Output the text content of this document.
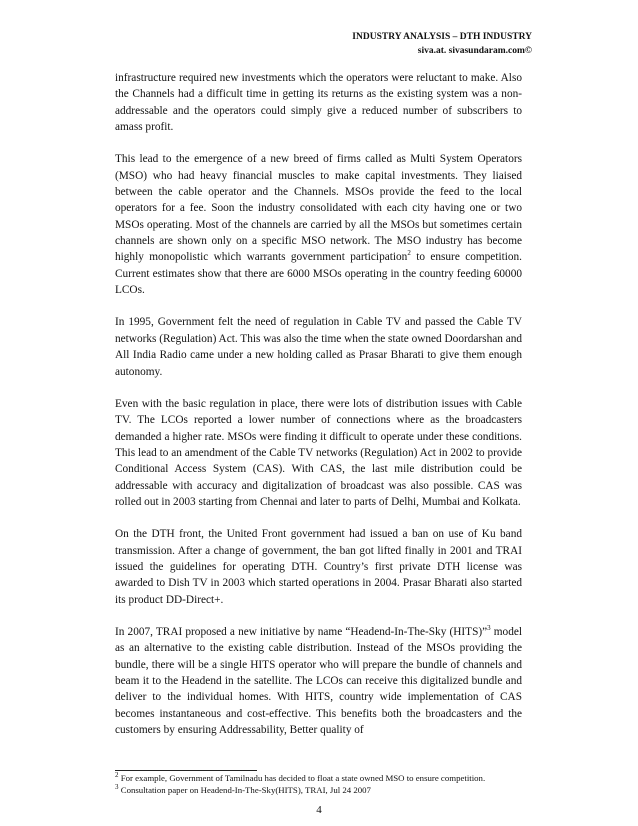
INDUSTRY ANALYSIS – DTH INDUSTRY
siva.at. sivasundaram.com©

infrastructure required new investments which the operators were reluctant to make. Also the Channels had a difficult time in getting its returns as the existing system was a non-addressable and the operators could simply give a reduced number of subscribers to amass profit.

This lead to the emergence of a new breed of firms called as Multi System Operators (MSO) who had heavy financial muscles to make capital investments. They liaised between the cable operator and the Channels. MSOs provide the feed to the local operators for a fee. Soon the industry consolidated with each city having one or two MSOs operating. Most of the channels are carried by all the MSOs but sometimes certain channels are shown only on a specific MSO network. The MSO industry has become highly monopolistic which warrants government participation$^2$ to ensure competition. Current estimates show that there are 6000 MSOs operating in the country feeding 60000 LCOs.

In 1995, Government felt the need of regulation in Cable TV and passed the Cable TV networks (Regulation) Act. This was also the time when the state owned Doordarshan and All India Radio came under a new holding called as Prasar Bharati to give them enough autonomy.

Even with the basic regulation in place, there were lots of distribution issues with Cable TV. The LCOs reported a lower number of connections where as the broadcasters demanded a higher rate. MSOs were finding it difficult to operate under these conditions. This lead to an amendment of the Cable TV networks (Regulation) Act in 2002 to provide Conditional Access System (CAS). With CAS, the last mile distribution could be addressable with accuracy and digitalization of broadcast was also possible. CAS was rolled out in 2003 starting from Chennai and later to parts of Delhi, Mumbai and Kolkata.

On the DTH front, the United Front government had issued a ban on use of Ku band transmission. After a change of government, the ban got lifted finally in 2001 and TRAI issued the guidelines for operating DTH. Country’s first private DTH license was awarded to Dish TV in 2003 which started operations in 2004. Prasar Bharati also started its product DD-Direct+.

In 2007, TRAI proposed a new initiative by name “Headend-In-The-Sky (HITS)”$^3$ model as an alternative to the existing cable distribution. Instead of the MSOs providing the bundle, there will be a single HITS operator who will prepare the bundle of channels and beam it to the Headend in the satellite. The LCOs can receive this digitalized bundle and deliver to the individual homes. With HITS, country wide implementation of CAS becomes instantaneous and cost-effective. This benefits both the broadcasters and the customers by ensuring Addressability, Better quality of

$^2$ For example, Government of Tamilnadu has decided to float a state owned MSO to ensure competition.
$^3$ Consultation paper on Headend-In-The-Sky(HITS), TRAI, Jul 24 2007
4
